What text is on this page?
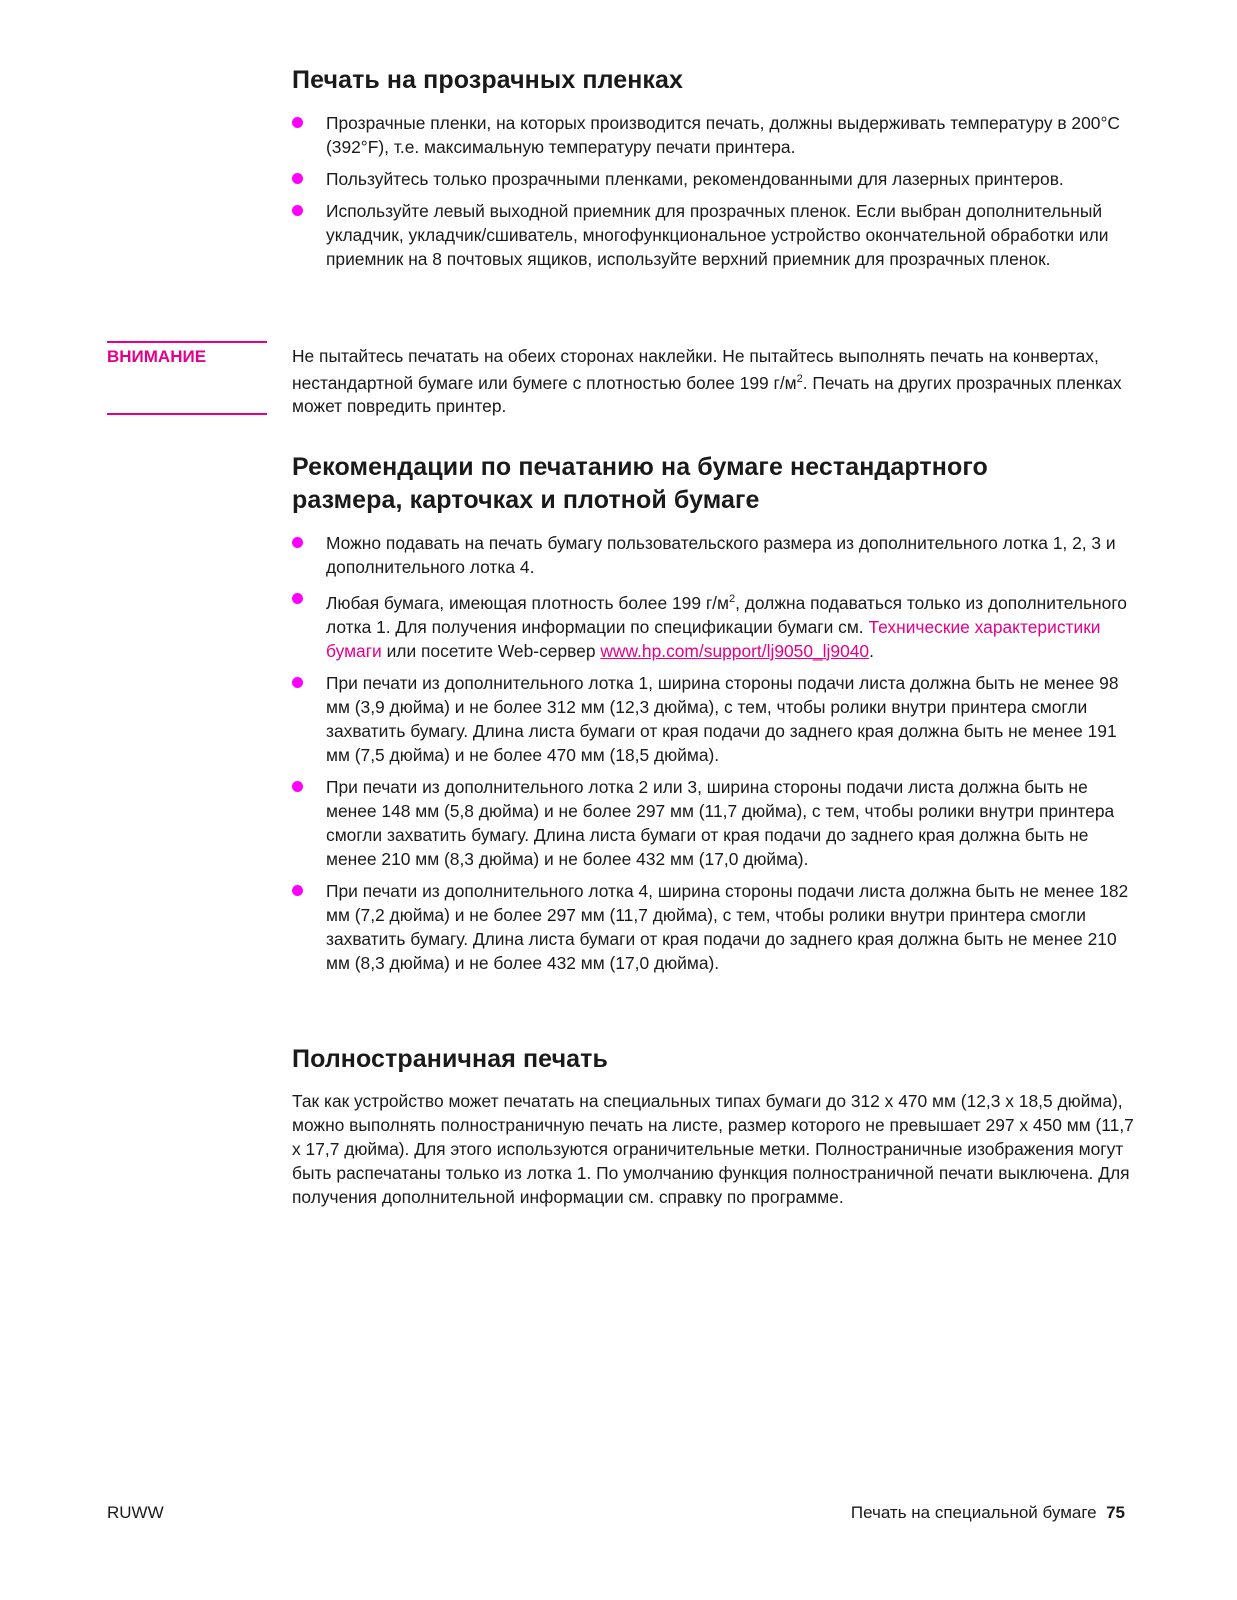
Печать на прозрачных пленках
Прозрачные пленки, на которых производится печать, должны выдерживать температуру в 200°C (392°F), т.е. максимальную температуру печати принтера.
Пользуйтесь только прозрачными пленками, рекомендованными для лазерных принтеров.
Используйте левый выходной приемник для прозрачных пленок. Если выбран дополнительный укладчик, укладчик/сшиватель, многофункциональное устройство окончательной обработки или приемник на 8 почтовых ящиков, используйте верхний приемник для прозрачных пленок.
ВНИМАНИЕ	Не пытайтесь печатать на обеих сторонах наклейки. Не пытайтесь выполнять печать на конвертах, нестандартной бумаге или бумеге с плотностью более 199 $г/м^2$. Печать на других прозрачных пленках может повредить принтер.
Рекомендации по печатанию на бумаге нестандартного размера, карточках и плотной бумаге
Можно подавать на печать бумагу пользовательского размера из дополнительного лотка 1, 2, 3 и дополнительного лотка 4.
Любая бумага, имеющая плотность более 199 $г/м^2$, должна подаваться только из дополнительного лотка 1. Для получения информации по спецификации бумаги см. Технические характеристики бумаги или посетите Web-сервер www.hp.com/support/lj9050_lj9040.
При печати из дополнительного лотка 1, ширина стороны подачи листа должна быть не менее 98 мм (3,9 дюйма) и не более 312 мм (12,3 дюйма), с тем, чтобы ролики внутри принтера смогли захватить бумагу. Длина листа бумаги от края подачи до заднего края должна быть не менее 191 мм (7,5 дюйма) и не более 470 мм (18,5 дюйма).
При печати из дополнительного лотка 2 или 3, ширина стороны подачи листа должна быть не менее 148 мм (5,8 дюйма) и не более 297 мм (11,7 дюйма), с тем, чтобы ролики внутри принтера смогли захватить бумагу. Длина листа бумаги от края подачи до заднего края должна быть не менее 210 мм (8,3 дюйма) и не более 432 мм (17,0 дюйма).
При печати из дополнительного лотка 4, ширина стороны подачи листа должна быть не менее 182 мм (7,2 дюйма) и не более 297 мм (11,7 дюйма), с тем, чтобы ролики внутри принтера смогли захватить бумагу. Длина листа бумаги от края подачи до заднего края должна быть не менее 210 мм (8,3 дюйма) и не более 432 мм (17,0 дюйма).
Полностраничная печать

Так как устройство может печатать на специальных типах бумаги до 312 x 470 мм (12,3 x 18,5 дюйма), можно выполнять полностраничную печать на листе, размер которого не превышает 297 x 450 мм (11,7 x 17,7 дюйма). Для этого используются ограничительные метки. Полностраничные изображения могут быть распечатаны только из лотка 1. По умолчанию функция полностраничной печати выключена. Для получения дополнительной информации см. справку по программе.

RUWW	Печать на специальной бумаге 75
